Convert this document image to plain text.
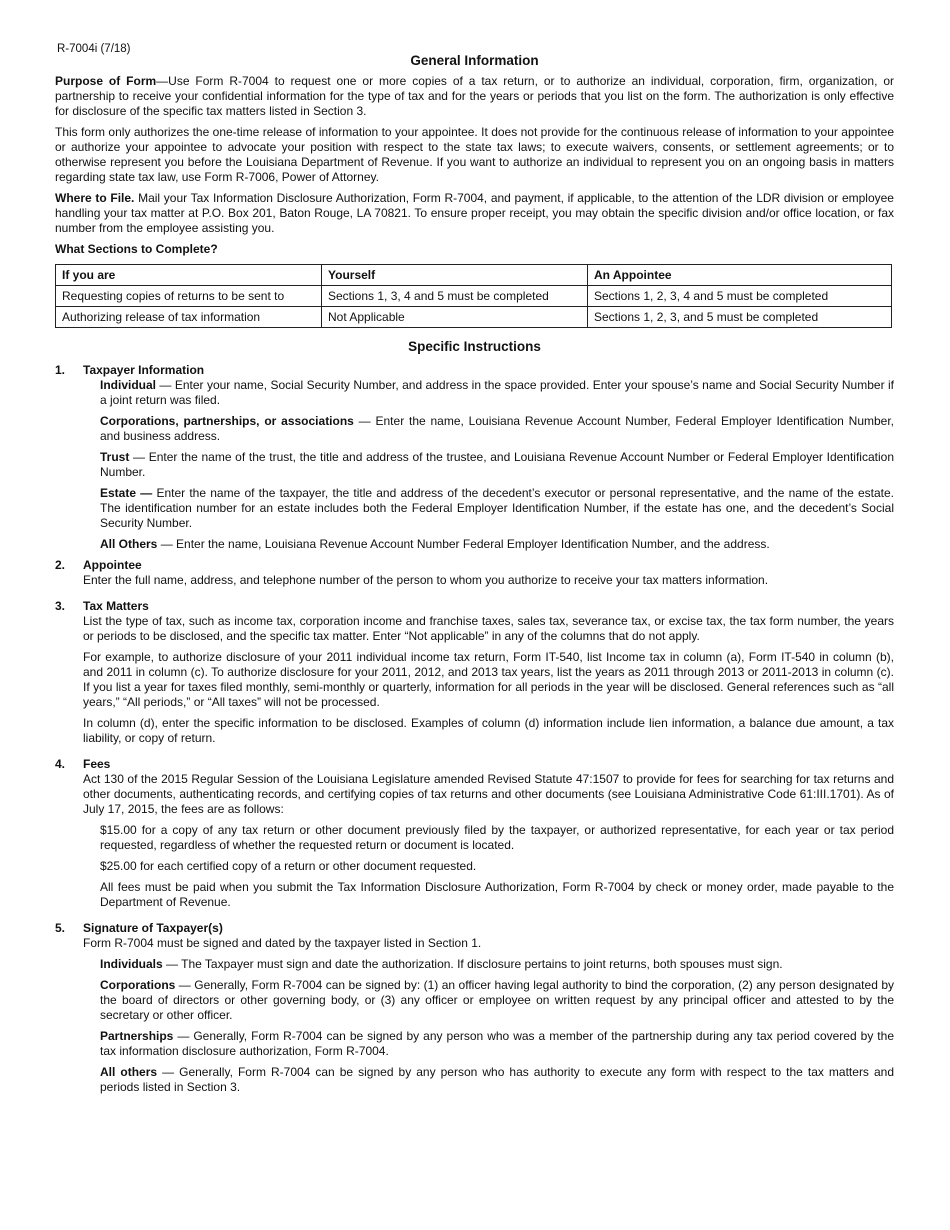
R-7004i (7/18)
General Information

Purpose of Form—Use Form R-7004 to request one or more copies of a tax return, or to authorize an individual, corporation, firm, organization, or partnership to receive your confidential information for the type of tax and for the years or periods that you list on the form. The authorization is only effective for disclosure of the specific tax matters listed in Section 3.

This form only authorizes the one-time release of information to your appointee. It does not provide for the continuous release of information to your appointee or authorize your appointee to advocate your position with respect to the state tax laws; to execute waivers, consents, or settlement agreements; or to otherwise represent you before the Louisiana Department of Revenue. If you want to authorize an individual to represent you on an ongoing basis in matters regarding state tax law, use Form R-7006, Power of Attorney.

Where to File. Mail your Tax Information Disclosure Authorization, Form R-7004, and payment, if applicable, to the attention of the LDR division or employee handling your tax matter at P.O. Box 201, Baton Rouge, LA 70821. To ensure proper receipt, you may obtain the specific division and/or office location, or fax number from the employee assisting you.

What Sections to Complete?
If you are	Yourself	An Appointee
Requesting copies of returns to be sent to	Sections 1, 3, 4 and 5 must be completed	Sections 1, 2, 3, 4 and 5 must be completed
Authorizing release of tax information	Not Applicable	Sections 1, 2, 3, and 5 must be completed
Specific Instructions
1. Taxpayer Information

Individual — Enter your name, Social Security Number, and address in the space provided. Enter your spouse’s name and Social Security Number if a joint return was filed.

Corporations, partnerships, or associations — Enter the name, Louisiana Revenue Account Number, Federal Employer Identification Number, and business address.

Trust — Enter the name of the trust, the title and address of the trustee, and Louisiana Revenue Account Number or Federal Employer Identification Number.

Estate — Enter the name of the taxpayer, the title and address of the decedent’s executor or personal representative, and the name of the estate. The identification number for an estate includes both the Federal Employer Identification Number, if the estate has one, and the decedent’s Social Security Number.

All Others — Enter the name, Louisiana Revenue Account Number Federal Employer Identification Number, and the address.

2. Appointee

Enter the full name, address, and telephone number of the person to whom you authorize to receive your tax matters information.

3. Tax Matters

List the type of tax, such as income tax, corporation income and franchise taxes, sales tax, severance tax, or excise tax, the tax form number, the years or periods to be disclosed, and the specific tax matter. Enter “Not applicable” in any of the columns that do not apply.

For example, to authorize disclosure of your 2011 individual income tax return, Form IT-540, list Income tax in column (a), Form IT-540 in column (b), and 2011 in column (c). To authorize disclosure for your 2011, 2012, and 2013 tax years, list the years as 2011 through 2013 or 2011-2013 in column (c). If you list a year for taxes filed monthly, semi-monthly or quarterly, information for all periods in the year will be disclosed. General references such as “all years,” “All periods,” or “All taxes” will not be processed.

In column (d), enter the specific information to be disclosed. Examples of column (d) information include lien information, a balance due amount, a tax liability, or copy of return.

4. Fees

Act 130 of the 2015 Regular Session of the Louisiana Legislature amended Revised Statute 47:1507 to provide for fees for searching for tax returns and other documents, authenticating records, and certifying copies of tax returns and other documents (see Louisiana Administrative Code 61:III.1701). As of July 17, 2015, the fees are as follows:

$15.00 for a copy of any tax return or other document previously filed by the taxpayer, or authorized representative, for each year or tax period requested, regardless of whether the requested return or document is located.

$25.00 for each certified copy of a return or other document requested.

All fees must be paid when you submit the Tax Information Disclosure Authorization, Form R-7004 by check or money order, made payable to the Department of Revenue.

5. Signature of Taxpayer(s)

Form R-7004 must be signed and dated by the taxpayer listed in Section 1.

Individuals — The Taxpayer must sign and date the authorization. If disclosure pertains to joint returns, both spouses must sign.

Corporations — Generally, Form R-7004 can be signed by: (1) an officer having legal authority to bind the corporation, (2) any person designated by the board of directors or other governing body, or (3) any officer or employee on written request by any principal officer and attested to by the secretary or other officer.

Partnerships — Generally, Form R-7004 can be signed by any person who was a member of the partnership during any tax period covered by the tax information disclosure authorization, Form R-7004.

All others — Generally, Form R-7004 can be signed by any person who has authority to execute any form with respect to the tax matters and periods listed in Section 3.
